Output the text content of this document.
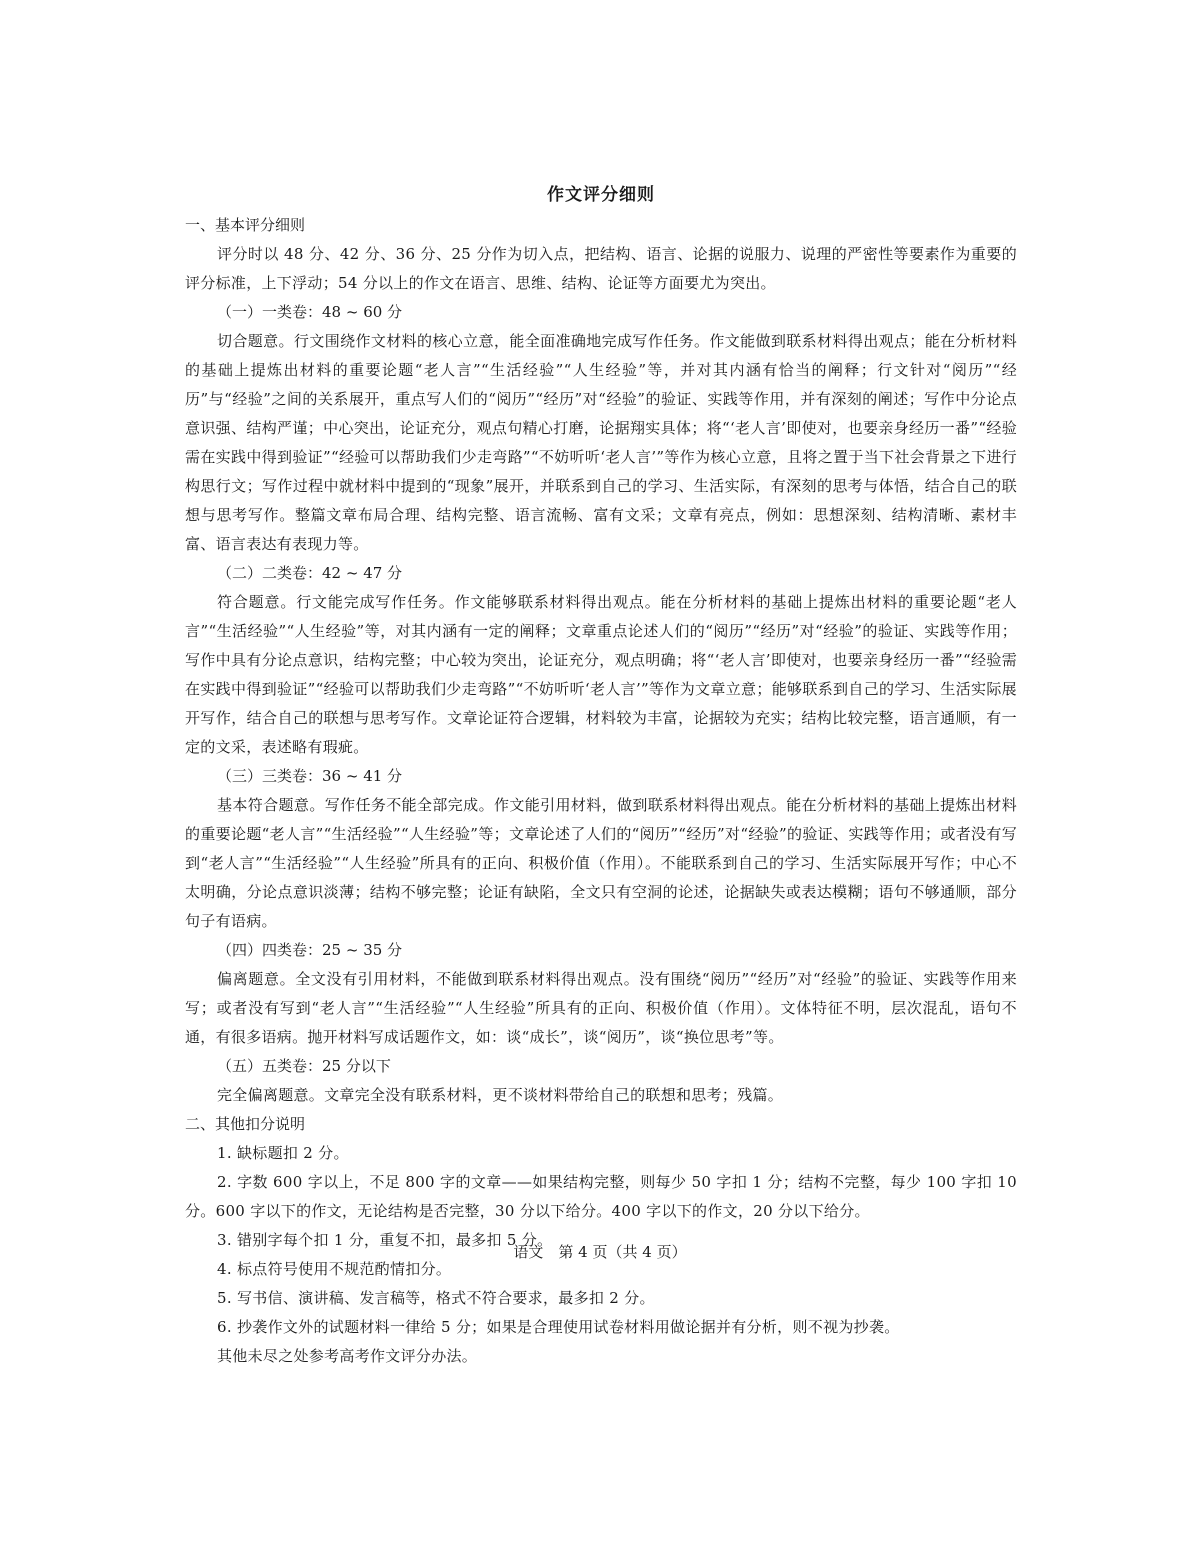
作文评分细则
一、基本评分细则

评分时以 48 分、42 分、36 分、25 分作为切入点，把结构、语言、论据的说服力、说理的严密性等要素作为重要的评分标准，上下浮动；54 分以上的作文在语言、思维、结构、论证等方面要尤为突出。

（一）一类卷：48 ~ 60 分

切合题意。行文围绕作文材料的核心立意，能全面准确地完成写作任务。作文能做到联系材料得出观点；能在分析材料的基础上提炼出材料的重要论题“老人言”“生活经验”“人生经验”等，并对其内涵有恰当的阐释；行文针对“阅历”“经历”与“经验”之间的关系展开，重点写人们的“阅历”“经历”对“经验”的验证、实践等作用，并有深刻的阐述；写作中分论点意识强、结构严谨；中心突出，论证充分，观点句精心打磨，论据翔实具体；将“‘老人言’即使对，也要亲身经历一番”“经验需在实践中得到验证”“经验可以帮助我们少走弯路”“不妨听听‘老人言’”等作为核心立意，且将之置于当下社会背景之下进行构思行文；写作过程中就材料中提到的“现象”展开，并联系到自己的学习、生活实际，有深刻的思考与体悟，结合自己的联想与思考写作。整篇文章布局合理、结构完整、语言流畅、富有文采；文章有亮点，例如：思想深刻、结构清晰、素材丰富、语言表达有表现力等。

（二）二类卷：42 ~ 47 分

符合题意。行文能完成写作任务。作文能够联系材料得出观点。能在分析材料的基础上提炼出材料的重要论题“老人言”“生活经验”“人生经验”等，对其内涵有一定的阐释；文章重点论述人们的“阅历”“经历”对“经验”的验证、实践等作用；写作中具有分论点意识，结构完整；中心较为突出，论证充分，观点明确；将“‘老人言’即使对，也要亲身经历一番”“经验需在实践中得到验证”“经验可以帮助我们少走弯路”“不妨听听‘老人言’”等作为文章立意；能够联系到自己的学习、生活实际展开写作，结合自己的联想与思考写作。文章论证符合逻辑，材料较为丰富，论据较为充实；结构比较完整，语言通顺，有一定的文采，表述略有瑕疵。

（三）三类卷：36 ~ 41 分

基本符合题意。写作任务不能全部完成。作文能引用材料，做到联系材料得出观点。能在分析材料的基础上提炼出材料的重要论题“老人言”“生活经验”“人生经验”等；文章论述了人们的“阅历”“经历”对“经验”的验证、实践等作用；或者没有写到“老人言”“生活经验”“人生经验”所具有的正向、积极价值（作用）。不能联系到自己的学习、生活实际展开写作；中心不太明确，分论点意识淡薄；结构不够完整；论证有缺陷，全文只有空洞的论述，论据缺失或表达模糊；语句不够通顺，部分句子有语病。

（四）四类卷：25 ~ 35 分

偏离题意。全文没有引用材料，不能做到联系材料得出观点。没有围绕“阅历”“经历”对“经验”的验证、实践等作用来写；或者没有写到“老人言”“生活经验”“人生经验”所具有的正向、积极价值（作用）。文体特征不明，层次混乱，语句不通，有很多语病。抛开材料写成话题作文，如：谈“成长”，谈“阅历”，谈“换位思考”等。

（五）五类卷：25 分以下

完全偏离题意。文章完全没有联系材料，更不谈材料带给自己的联想和思考；残篇。

二、其他扣分说明

1. 缺标题扣 2 分。

2. 字数 600 字以上，不足 800 字的文章——如果结构完整，则每少 50 字扣 1 分；结构不完整，每少 100 字扣 10 分。600 字以下的作文，无论结构是否完整，30 分以下给分。400 字以下的作文，20 分以下给分。

3. 错别字每个扣 1 分，重复不扣，最多扣 5 分。

4. 标点符号使用不规范酌情扣分。

5. 写书信、演讲稿、发言稿等，格式不符合要求，最多扣 2 分。

6. 抄袭作文外的试题材料一律给 5 分；如果是合理使用试卷材料用做论据并有分析，则不视为抄袭。

其他未尽之处参考高考作文评分办法。

语文　第 4 页（共 4 页）
